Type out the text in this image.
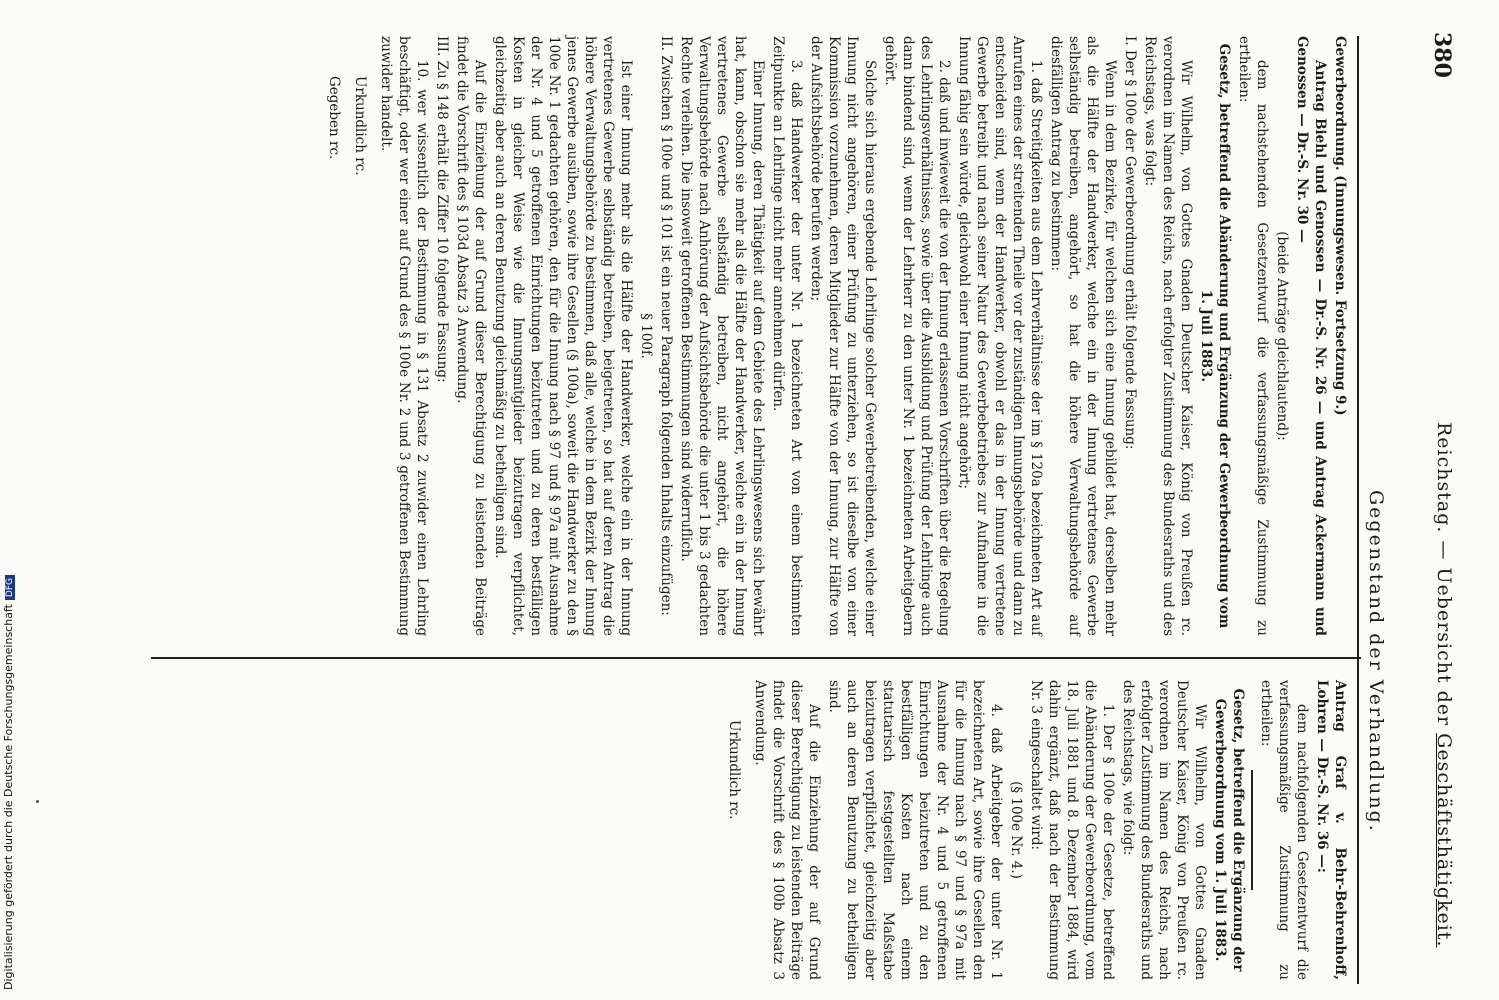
380
Reichstag. — Uebersicht der Geschäftsthätigkeit.
Gegenstand der Verhandlung.
Gewerbeordnung. (Innungswesen. Fortsetzung 9.)
Antrag Biehl und Genossen — Dr.-S. Nr. 26 — und Antrag Ackermann und Genossen — Dr.-S. Nr. 30 —
(beide Anträge gleichlautend):
dem nachstehenden Gesetzentwurf die verfassungsmäßige Zustimmung zu ertheilen:
Gesetz, betreffend die Abänderung und Ergänzung der Gewerbeordnung vom 1. Juli 1883.
Wir Wilhelm, von Gottes Gnaden Deutscher Kaiser, König von Preußen rc. verordnen im Namen des Reichs, nach erfolgter Zustimmung des Bundesraths und des Reichstags, was folgt:
I. Der § 100e der Gewerbeordnung erhält folgende Fassung:
Wenn in dem Bezirke, für welchen sich eine Innung gebildet hat, derselben mehr als die Hälfte der Handwerker, welche ein in der Innung vertretenes Gewerbe selbständig betreiben, angehört, so hat die höhere Verwaltungsbehörde auf diesfälligen Antrag zu bestimmen:
1. daß Streitigkeiten aus dem Lehrverhältnisse der im § 120a bezeichneten Art auf Anrufen eines der streitenden Theile vor der zuständigen Innungsbehörde und dann zu entscheiden sind, wenn der Handwerker, obwohl er das in der Innung vertretene Gewerbe betreibt und nach seiner Natur des Gewerbebetriebes zur Aufnahme in die Innung fähig sein würde, gleichwohl einer Innung nicht angehört;
2. daß und inwieweit die von der Innung erlassenen Vorschriften über die Regelung des Lehrlingsverhältnisses, sowie über die Ausbildung und Prüfung der Lehrlinge auch dann bindend sind, wenn der Lehrherr zu den unter Nr. 1 bezeichneten Arbeitgebern gehört.
Solche sich hieraus ergebende Lehrlinge solcher Gewerbetreibenden, welche einer Innung nicht angehören, einer Prüfung zu unterziehen, so ist dieselbe von einer Kommission vorzunehmen, deren Mitglieder zur Hälfte von der Innung, zur Hälfte von der Aufsichtsbehörde berufen werden;
3. daß Handwerker der unter Nr. 1 bezeichneten Art von einem bestimmten Zeitpunkte an Lehrlinge nicht mehr annehmen dürfen.
Einer Innung, deren Thätigkeit auf dem Gebiete des Lehrlingswesens sich bewährt hat, kann, obschon sie mehr als die Hälfte der Handwerker, welche ein in der Innung vertretenes Gewerbe selbständig betreiben, nicht angehört, die höhere Verwaltungsbehörde nach Anhörung der Aufsichtsbehörde die unter 1 bis 3 gedachten Rechte verleihen. Die insoweit getroffenen Bestimmungen sind widerruflich.
II. Zwischen § 100e und § 101 ist ein neuer Paragraph folgenden Inhalts einzufügen:
§ 100f.
Ist einer Innung mehr als die Hälfte der Handwerker, welche ein in der Innung vertretenes Gewerbe selbständig betreiben, beigetreten, so hat auf deren Antrag die höhere Verwaltungsbehörde zu bestimmen, daß alle, welche in dem Bezirk der Innung jenes Gewerbe ausüben, sowie ihre Gesellen (§ 100a), soweit die Handwerker zu den § 100e Nr. 1 gedachten gehören, den für die Innung nach § 97 und § 97a mit Ausnahme der Nr. 4 und 5 getroffenen Einrichtungen beizutreten und zu deren bestfälligen Kosten in gleicher Weise wie die Innungsmitglieder beizutragen verpflichtet, gleichzeitig aber auch an deren Benutzung gleichmäßig zu betheiligen sind.
Auf die Einziehung der auf Grund dieser Berechtigung zu leistenden Beiträge findet die Vorschrift des § 103d Absatz 3 Anwendung.
III. Zu § 148 erhält die Ziffer 10 folgende Fassung:
10. wer wissentlich der Bestimmung in § 131 Absatz 2 zuwider einen Lehrling beschäftigt, oder wer einer auf Grund des § 100e Nr. 2 und 3 getroffenen Bestimmung zuwider handelt.
Urkundlich rc.
Gegeben rc.
Antrag Graf v. Behr-Behrenhoff, Lohren — Dr.-S. Nr. 36 —:
dem nachfolgenden Gesetzentwurf die verfassungsmäßige Zustimmung zu ertheilen:
Gesetz, betreffend die Ergänzung der Gewerbeordnung vom 1. Juli 1883.
Wir Wilhelm, von Gottes Gnaden Deutscher Kaiser, König von Preußen rc. verordnen im Namen des Reichs, nach erfolgter Zustimmung des Bundesraths und des Reichstags, wie folgt:
1. Der § 100e der Gesetze, betreffend die Abänderung der Gewerbeordnung, vom 18. Juli 1881 und 8. Dezember 1884, wird dahin ergänzt, daß nach der Bestimmung Nr. 3 eingeschaltet wird:
(§ 100e Nr. 4.)
4. daß Arbeitgeber der unter Nr. 1 bezeichneten Art, sowie ihre Gesellen den für die Innung nach § 97 und § 97a mit Ausnahme der Nr. 4 und 5 getroffenen Einrichtungen beizutreten und zu den bestfälligen Kosten nach einem statutarisch festgestellten Maßstabe beizutragen verpflichtet, gleichzeitig aber auch an deren Benutzung zu betheiligen sind.
Auf die Einziehung der auf Grund dieser Berechtigung zu leistenden Beiträge findet die Vorschrift des § 100b Absatz 3 Anwendung.
Urkundlich rc.
Digitalisierung gefördert durch die Deutsche ForschungsgemeinschaftDFG
